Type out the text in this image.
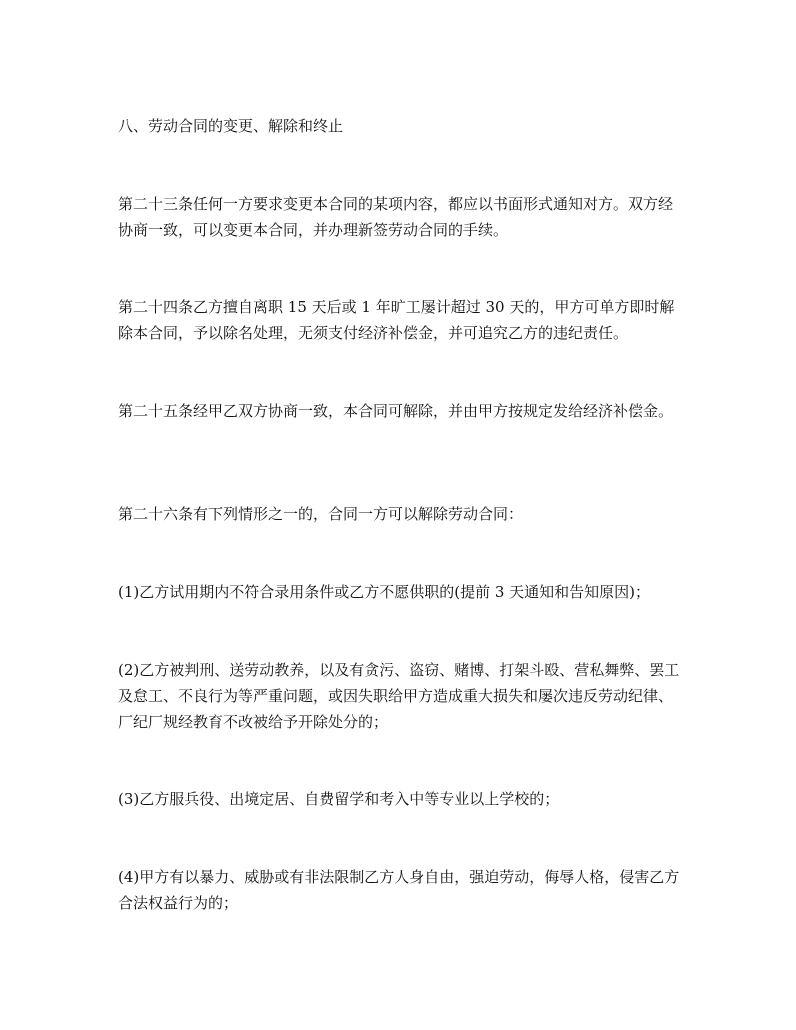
八、劳动合同的变更、解除和终止

第二十三条任何一方要求变更本合同的某项内容，都应以书面形式通知对方。双方经协商一致，可以变更本合同，并办理新签劳动合同的手续。

第二十四条乙方擅自离职 15 天后或 1 年旷工屡计超过 30 天的，甲方可单方即时解除本合同，予以除名处理，无须支付经济补偿金，并可追究乙方的违纪责任。

第二十五条经甲乙双方协商一致，本合同可解除，并由甲方按规定发给经济补偿金。

第二十六条有下列情形之一的，合同一方可以解除劳动合同：

(1)乙方试用期内不符合录用条件或乙方不愿供职的(提前 3 天通知和告知原因)；

(2)乙方被判刑、送劳动教养，以及有贪污、盗窃、赌博、打架斗殴、营私舞弊、罢工及怠工、不良行为等严重问题，或因失职给甲方造成重大损失和屡次违反劳动纪律、厂纪厂规经教育不改被给予开除处分的；

(3)乙方服兵役、出境定居、自费留学和考入中等专业以上学校的；

(4)甲方有以暴力、威胁或有非法限制乙方人身自由，强迫劳动，侮辱人格，侵害乙方合法权益行为的；
